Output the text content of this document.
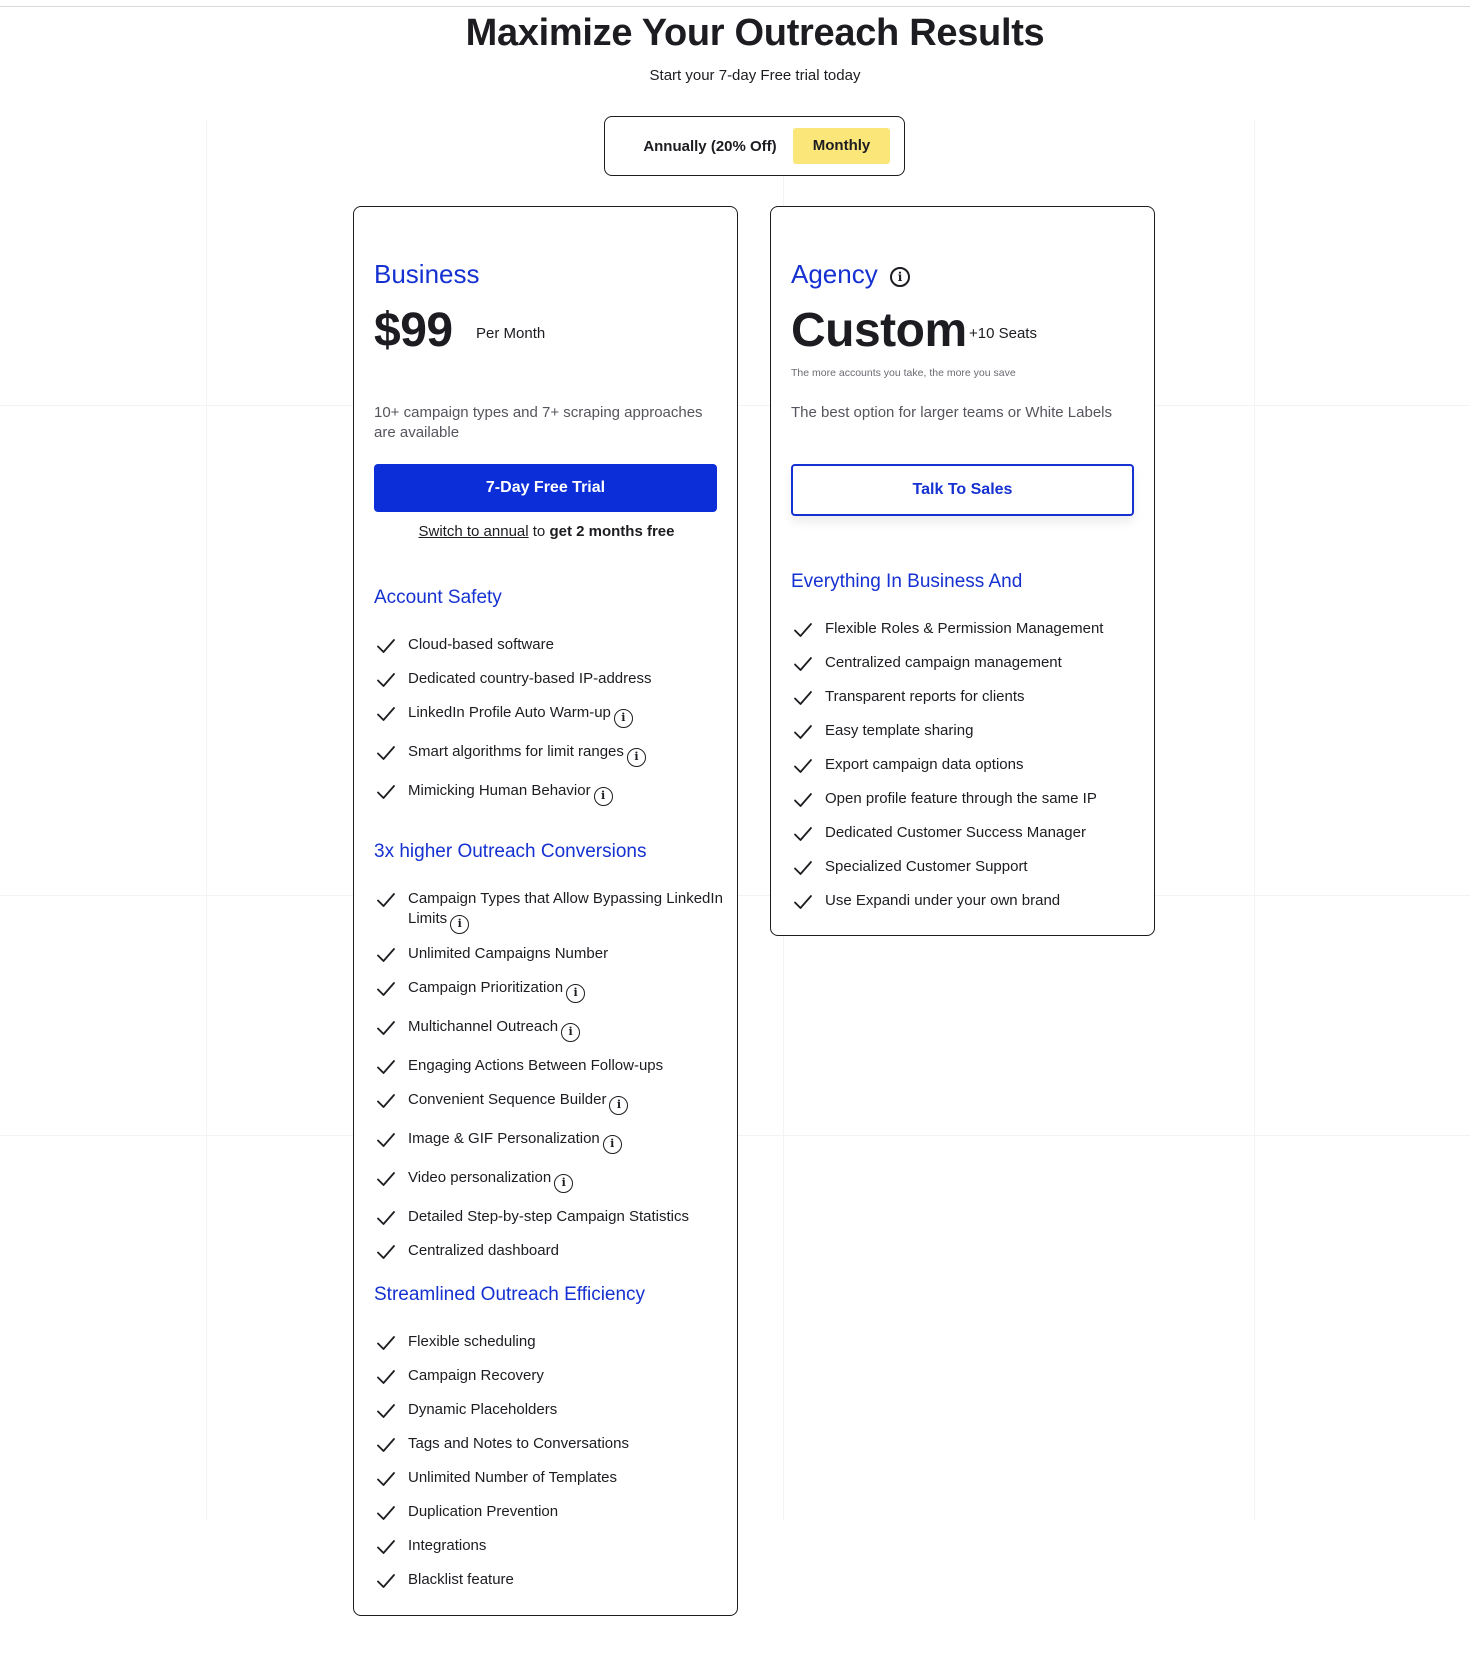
Maximize Your Outreach Results

Start your 7-day Free trial today

Annually (20% Off)	Monthly
Business
$99 Per Month

10+ campaign types and 7+ scraping approaches are available

7-Day Free Trial

Switch to annual to get 2 months free

Account Safety
Cloud-based software
Dedicated country-based IP-address
LinkedIn Profile Auto Warm-up i
Smart algorithms for limit ranges i
Mimicking Human Behavior i
3x higher Outreach Conversions
Campaign Types that Allow Bypassing LinkedIn Limits i
Unlimited Campaigns Number
Campaign Prioritization i
Multichannel Outreach i
Engaging Actions Between Follow-ups
Convenient Sequence Builder i
Image & GIF Personalization i
Video personalization i
Detailed Step-by-step Campaign Statistics
Centralized dashboard
Streamlined Outreach Efficiency
Flexible scheduling
Campaign Recovery
Dynamic Placeholders
Tags and Notes to Conversations
Unlimited Number of Templates
Duplication Prevention
Integrations
Blacklist feature
Agency	i
Custom +10 Seats

The more accounts you take, the more you save

The best option for larger teams or White Labels

Talk To Sales
Everything In Business And
Flexible Roles & Permission Management
Centralized campaign management
Transparent reports for clients
Easy template sharing
Export campaign data options
Open profile feature through the same IP
Dedicated Customer Success Manager
Specialized Customer Support
Use Expandi under your own brand
